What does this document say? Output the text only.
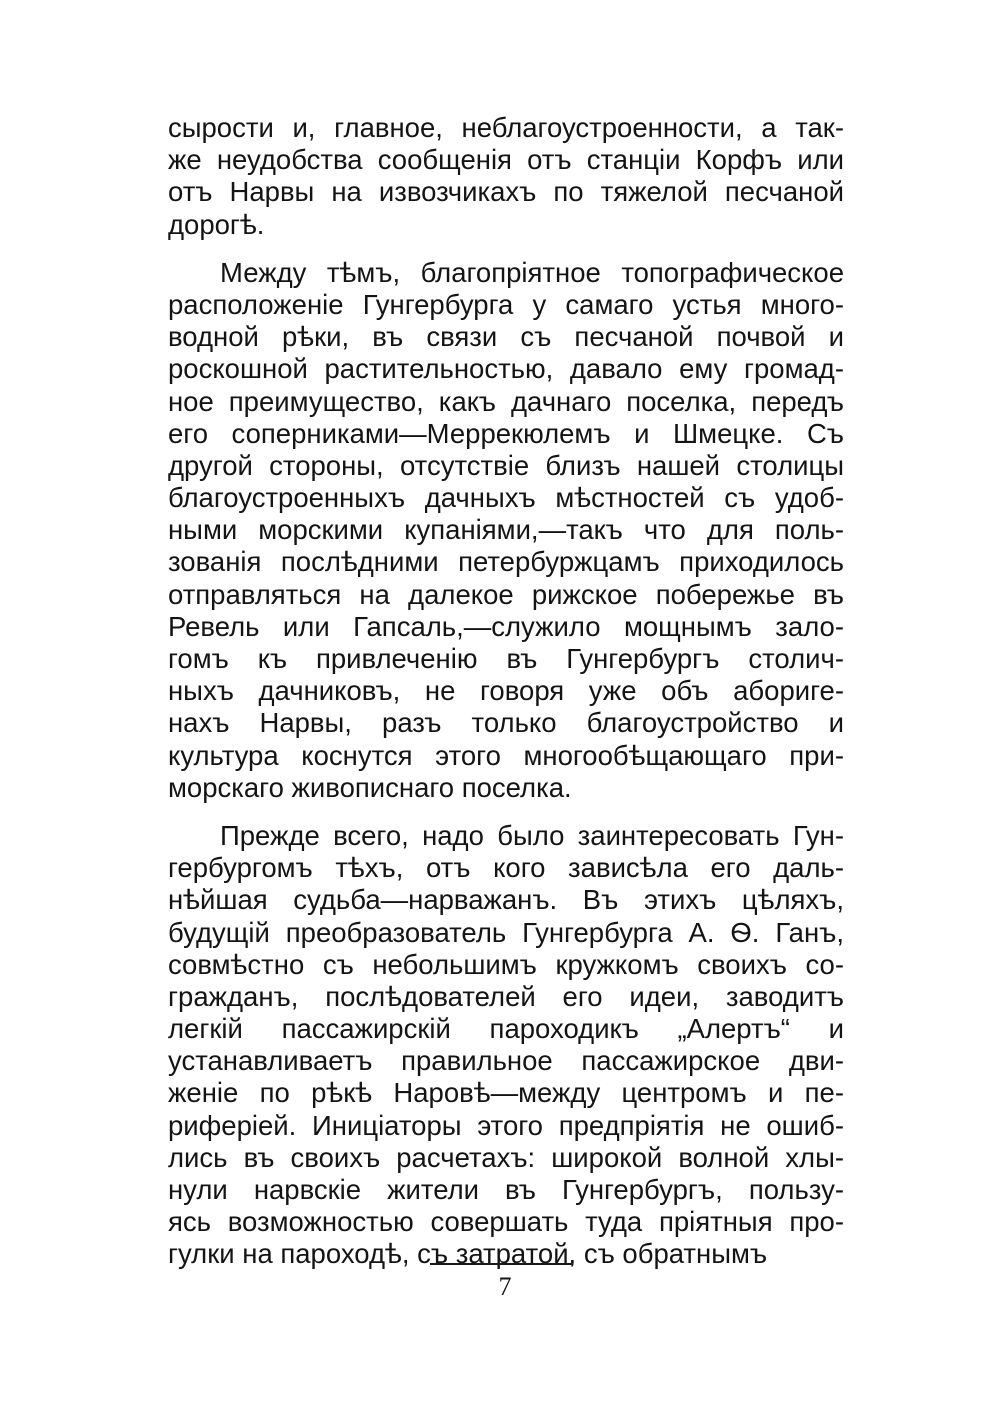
сырости и, главное, неблагоустроенности, а так-
же неудобства сообщенія отъ станціи Корфъ или
отъ Нарвы на извозчикахъ по тяжелой песчаной
дорогѣ.
Между тѣмъ, благопріятное топографическое
расположеніе Гунгербурга у самаго устья много-
водной рѣки, въ связи съ песчаной почвой и
роскошной растительностью, давало ему громад-
ное преимущество, какъ дачнаго поселка, передъ
его соперниками—Меррекюлемъ и Шмецке. Съ
другой стороны, отсутствіе близъ нашей столицы
благоустроенныхъ дачныхъ мѣстностей съ удоб-
ными морскими купаніями,—такъ что для поль-
зованія послѣдними петербуржцамъ приходилось
отправляться на далекое рижское побережье въ
Ревель или Гапсаль,—служило мощнымъ зало-
гомъ къ привлеченію въ Гунгербургъ столич-
ныхъ дачниковъ, не говоря уже объ абориге-
нахъ Нарвы, разъ только благоустройство и
культура коснутся этого многообѣщающаго при-
морскаго живописнаго поселка.
Прежде всего, надо было заинтересовать Гун-
гербургомъ тѣхъ, отъ кого зависѣла его даль-
нѣйшая судьба—нарважанъ. Въ этихъ цѣляхъ,
будущій преобразователь Гунгербурга А. Ѳ. Ганъ,
совмѣстно съ небольшимъ кружкомъ своихъ со-
гражданъ, послѣдователей его идеи, заводитъ
легкій пассажирскій пароходикъ „Алертъ“ и
устанавливаетъ правильное пассажирское дви-
женіе по рѣкѣ Наровѣ—между центромъ и пе-
риферіей. Иниціаторы этого предпріятія не ошиб-
лись въ своихъ расчетахъ: широкой волной хлы-
нули нарвскіе жители въ Гунгербургъ, пользу-
ясь возможностью совершать туда пріятныя про-
гулки на пароходѣ, съ затратой, съ обратнымъ
7
